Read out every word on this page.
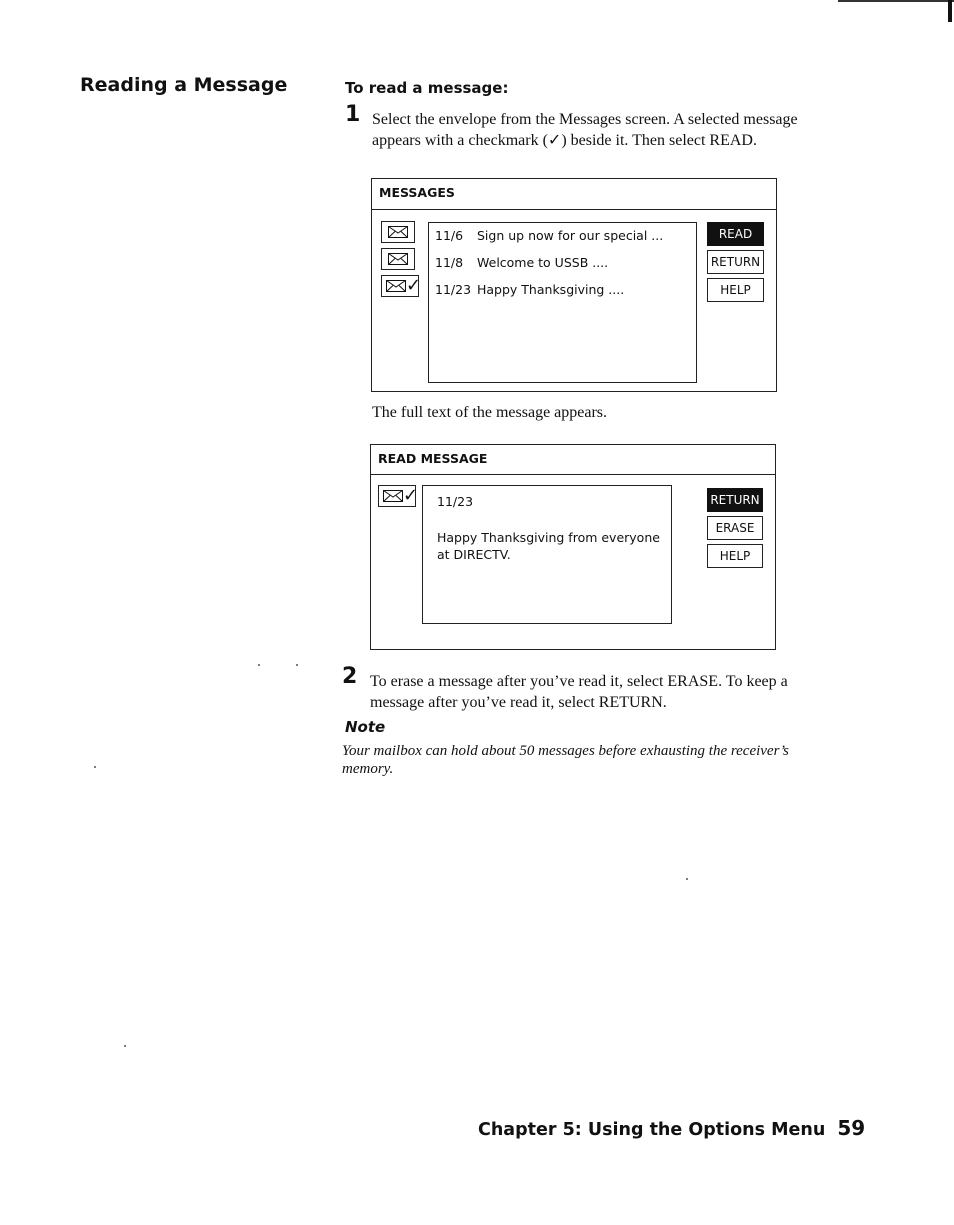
Reading a Message	To read a message:
1 Select the envelope from the Messages screen. A selected message appears with a checkmark (✓) beside it. Then select READ.
MESSAGES
✓
11/6 Sign up now for our special ...
11/8 Welcome to USSB ....
11/23 Happy Thanksgiving ....
READ
RETURN
HELP
The full text of the message appears.
READ MESSAGE
✓ 11/23
Happy Thanksgiving from everyone
at DIRECTV.
RETURN
ERASE
HELP
2 To erase a message after you’ve read it, select ERASE. To keep a message after you’ve read it, select RETURN.
Note
Your mailbox can hold about 50 messages before exhausting the receiver’s memory.
Chapter 5: Using the Options Menu 59
